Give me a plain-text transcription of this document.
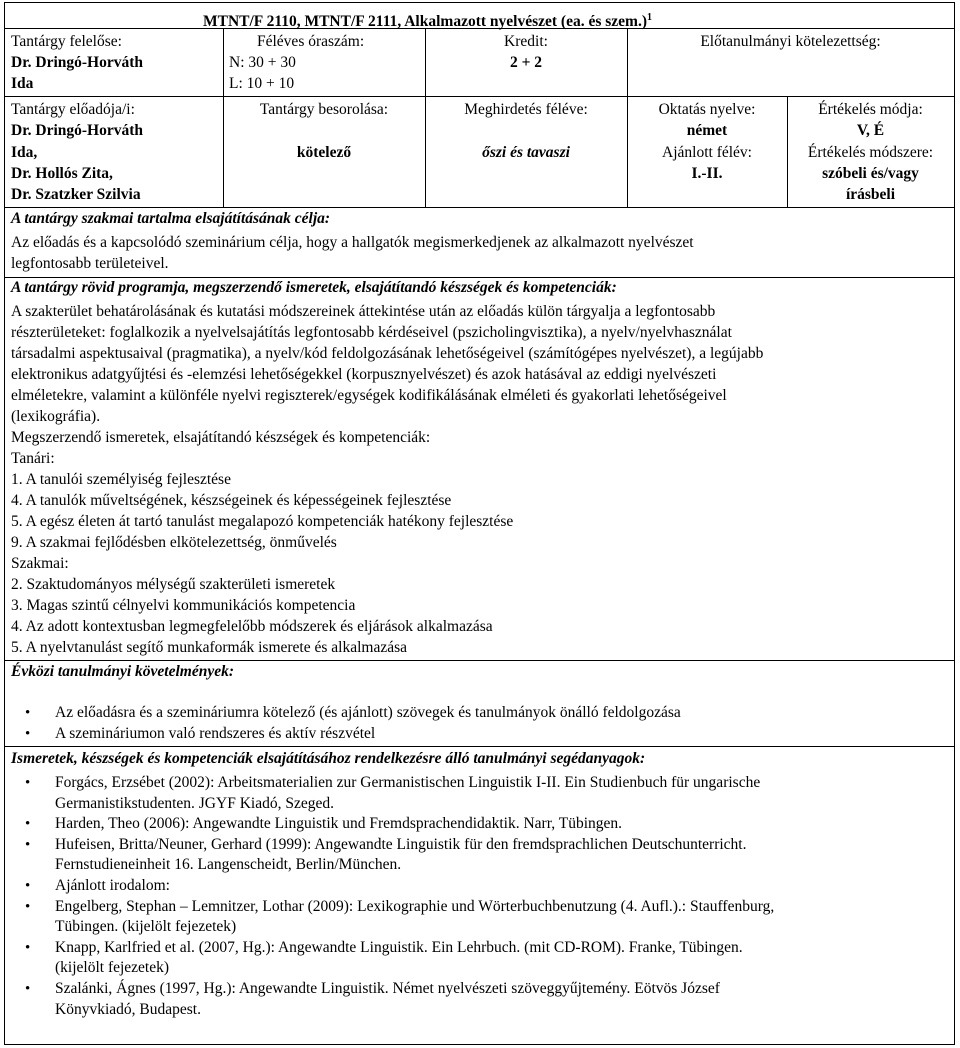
MTNT/F 2110, MTNT/F 2111, Alkalmazott nyelvészet (ea. és szem.)$^1$
Tantárgy felelőse:
Dr. Dringó-Horváth
Ida
Féléves óraszám:
N: 30 + 30
L: 10 + 10
Kredit:
2 + 2
Előtanulmányi kötelezettség:
Tantárgy előadója/i:
Dr. Dringó-Horváth
Ida,
Dr. Hollós Zita,
Dr. Szatzker Szilvia
Tantárgy besorolása:
kötelező
Meghirdetés féléve:
őszi és tavaszi
Oktatás nyelve:
német
Ajánlott félév:
I.-II.
Értékelés módja:
V, É
Értékelés módszere:
szóbeli és/vagy
írásbeli
A tantárgy szakmai tartalma elsajátításának célja:
Az előadás és a kapcsolódó szeminárium célja, hogy a hallgatók megismerkedjenek az alkalmazott nyelvészet
legfontosabb területeivel.
A tantárgy rövid programja, megszerzendő ismeretek, elsajátítandó készségek és kompetenciák:
A szakterület behatárolásának és kutatási módszereinek áttekintése után az előadás külön tárgyalja a legfontosabb
részterületeket: foglalkozik a nyelvelsajátítás legfontosabb kérdéseivel (pszicholingvisztika), a nyelv/nyelvhasználat
társadalmi aspektusaival (pragmatika), a nyelv/kód feldolgozásának lehetőségeivel (számítógépes nyelvészet), a legújabb
elektronikus adatgyűjtési és -elemzési lehetőségekkel (korpusznyelvészet) és azok hatásával az eddigi nyelvészeti
elméletekre, valamint a különféle nyelvi regiszterek/egységek kodifikálásának elméleti és gyakorlati lehetőségeivel
(lexikográfia).
Megszerzendő ismeretek, elsajátítandó készségek és kompetenciák:
Tanári:
1. A tanulói személyiség fejlesztése
4. A tanulók műveltségének, készségeinek és képességeinek fejlesztése
5. A egész életen át tartó tanulást megalapozó kompetenciák hatékony fejlesztése
9. A szakmai fejlődésben elkötelezettség, önművelés
Szakmai:
2. Szaktudományos mélységű szakterületi ismeretek
3. Magas szintű célnyelvi kommunikációs kompetencia
4. Az adott kontextusban legmegfelelőbb módszerek és eljárások alkalmazása
5. A nyelvtanulást segítő munkaformák ismerete és alkalmazása
Évközi tanulmányi követelmények:
• Az előadásra és a szemináriumra kötelező (és ajánlott) szövegek és tanulmányok önálló feldolgozása
• A szemináriumon való rendszeres és aktív részvétel
Ismeretek, készségek és kompetenciák elsajátításához rendelkezésre álló tanulmányi segédanyagok:
• Forgács, Erzsébet (2002): Arbeitsmaterialien zur Germanistischen Linguistik I-II. Ein Studienbuch für ungarische
Germanistikstudenten. JGYF Kiadó, Szeged.
• Harden, Theo (2006): Angewandte Linguistik und Fremdsprachendidaktik. Narr, Tübingen.
• Hufeisen, Britta/Neuner, Gerhard (1999): Angewandte Linguistik für den fremdsprachlichen Deutschunterricht.
Fernstudieneinheit 16. Langenscheidt, Berlin/München.
• Ajánlott irodalom:
• Engelberg, Stephan – Lemnitzer, Lothar (2009): Lexikographie und Wörterbuchbenutzung (4. Aufl.).: Stauffenburg,
Tübingen. (kijelölt fejezetek)
• Knapp, Karlfried et al. (2007, Hg.): Angewandte Linguistik. Ein Lehrbuch. (mit CD-ROM). Franke, Tübingen.
(kijelölt fejezetek)
• Szalánki, Ágnes (1997, Hg.): Angewandte Linguistik. Német nyelvészeti szöveggyűjtemény. Eötvös József
Könyvkiadó, Budapest.
